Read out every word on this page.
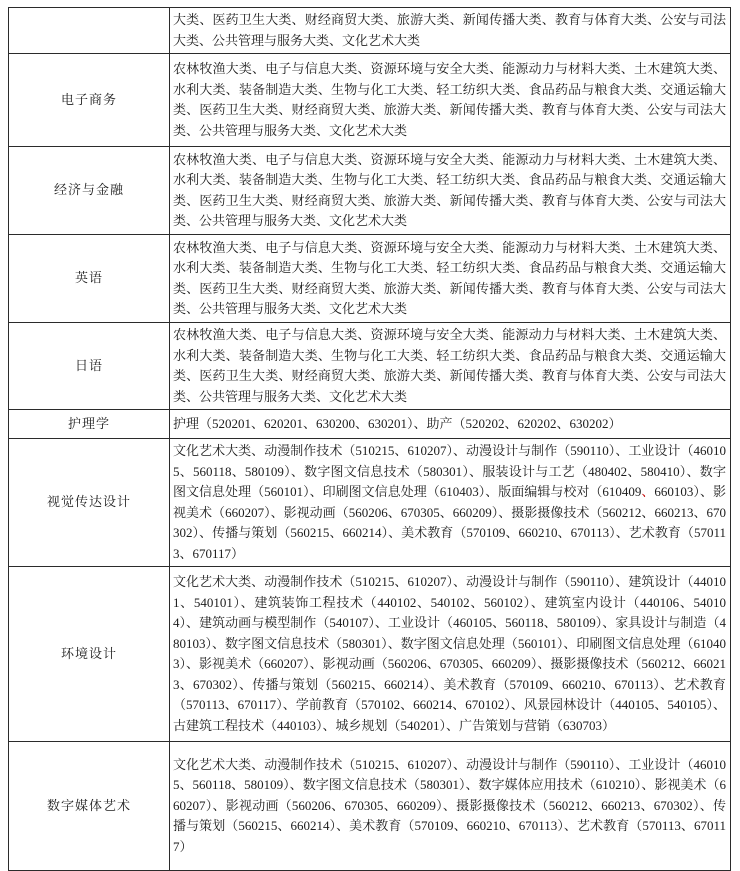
	大类、医药卫生大类、财经商贸大类、旅游大类、新闻传播大类、教育与体育大类、公安与司法大类、公共管理与服务大类、文化艺术大类
电子商务	农林牧渔大类、电子与信息大类、资源环境与安全大类、能源动力与材料大类、土木建筑大类、水利大类、装备制造大类、生物与化工大类、轻工纺织大类、食品药品与粮食大类、交通运输大类、医药卫生大类、财经商贸大类、旅游大类、新闻传播大类、教育与体育大类、公安与司法大类、公共管理与服务大类、文化艺术大类
经济与金融	农林牧渔大类、电子与信息大类、资源环境与安全大类、能源动力与材料大类、土木建筑大类、水利大类、装备制造大类、生物与化工大类、轻工纺织大类、食品药品与粮食大类、交通运输大类、医药卫生大类、财经商贸大类、旅游大类、新闻传播大类、教育与体育大类、公安与司法大类、公共管理与服务大类、文化艺术大类
英语	农林牧渔大类、电子与信息大类、资源环境与安全大类、能源动力与材料大类、土木建筑大类、水利大类、装备制造大类、生物与化工大类、轻工纺织大类、食品药品与粮食大类、交通运输大类、医药卫生大类、财经商贸大类、旅游大类、新闻传播大类、教育与体育大类、公安与司法大类、公共管理与服务大类、文化艺术大类
日语	农林牧渔大类、电子与信息大类、资源环境与安全大类、能源动力与材料大类、土木建筑大类、水利大类、装备制造大类、生物与化工大类、轻工纺织大类、食品药品与粮食大类、交通运输大类、医药卫生大类、财经商贸大类、旅游大类、新闻传播大类、教育与体育大类、公安与司法大类、公共管理与服务大类、文化艺术大类
护理学	护理（520201、620201、630200、630201）、助产（520202、620202、630202）
视觉传达设计	文化艺术大类、动漫制作技术（510215、610207）、动漫设计与制作（590110）、工业设计（460105、560118、580109）、数字图文信息技术（580301）、服装设计与工艺（480402、580410）、数字图文信息处理（560101）、印刷图文信息处理（610403）、版面编辑与校对（610409、660103）、影视美术（660207）、影视动画（560206、670305、660209）、摄影摄像技术（560212、660213、670302）、传播与策划（560215、660214）、美术教育（570109、660210、670113）、艺术教育（570113、670117）
环境设计	文化艺术大类、动漫制作技术（510215、610207）、动漫设计与制作（590110）、建筑设计（440101、540101）、建筑装饰工程技术（440102、540102、560102）、建筑室内设计（440106、540104）、建筑动画与模型制作（540107）、工业设计（460105、560118、580109）、家具设计与制造（480103）、数字图文信息技术（580301）、数字图文信息处理（560101）、印刷图文信息处理（610403）、影视美术（660207）、影视动画（560206、670305、660209）、摄影摄像技术（560212、660213、670302）、传播与策划（560215、660214）、美术教育（570109、660210、670113）、艺术教育（570113、670117）、学前教育（570102、660214、670102）、风景园林设计（440105、540105）、古建筑工程技术（440103）、城乡规划（540201）、广告策划与营销（630703）
数字媒体艺术	文化艺术大类、动漫制作技术（510215、610207）、动漫设计与制作（590110）、工业设计（460105、560118、580109）、数字图文信息技术（580301）、数字媒体应用技术（610210）、影视美术（660207）、影视动画（560206、670305、660209）、摄影摄像技术（560212、660213、670302）、传播与策划（560215、660214）、美术教育（570109、660210、670113）、艺术教育（570113、670117）
